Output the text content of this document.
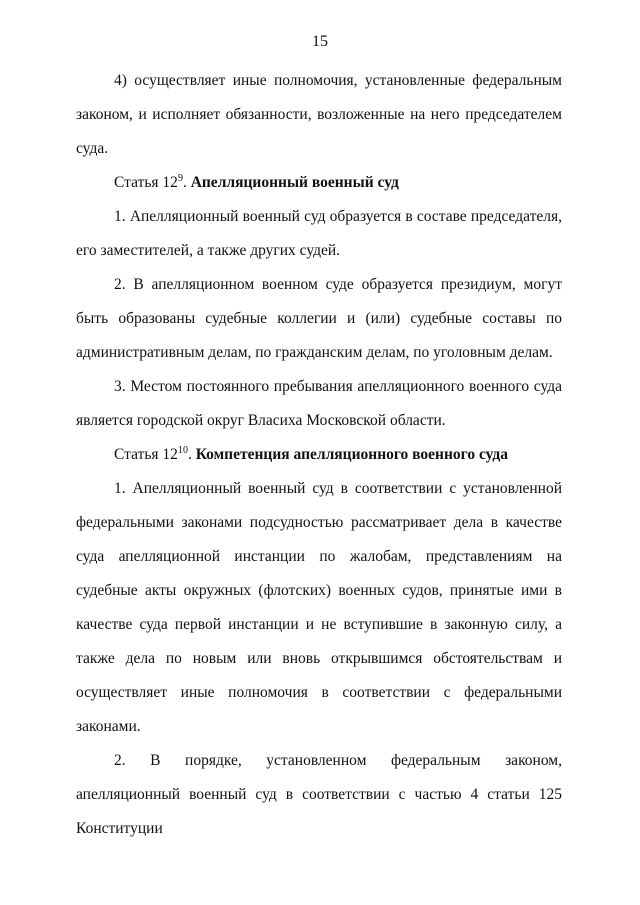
15

4) осуществляет иные полномочия, установленные федеральным законом, и исполняет обязанности, возложенные на него председателем суда.

Статья $12^9$. Апелляционный военный суд

1. Апелляционный военный суд образуется в составе председателя, его заместителей, а также других судей.

2. В апелляционном военном суде образуется президиум, могут быть образованы судебные коллегии и (или) судебные составы по административным делам, по гражданским делам, по уголовным делам.

3. Местом постоянного пребывания апелляционного военного суда является городской округ Власиха Московской области.

Статья $12^{10}$. Компетенция апелляционного военного суда

1. Апелляционный военный суд в соответствии с установленной федеральными законами подсудностью рассматривает дела в качестве суда апелляционной инстанции по жалобам, представлениям на судебные акты окружных (флотских) военных судов, принятые ими в качестве суда первой инстанции и не вступившие в законную силу, а также дела по новым или вновь открывшимся обстоятельствам и осуществляет иные полномочия в соответствии с федеральными законами.

2. В порядке, установленном федеральным законом, апелляционный военный суд в соответствии с частью 4 статьи 125 Конституции
